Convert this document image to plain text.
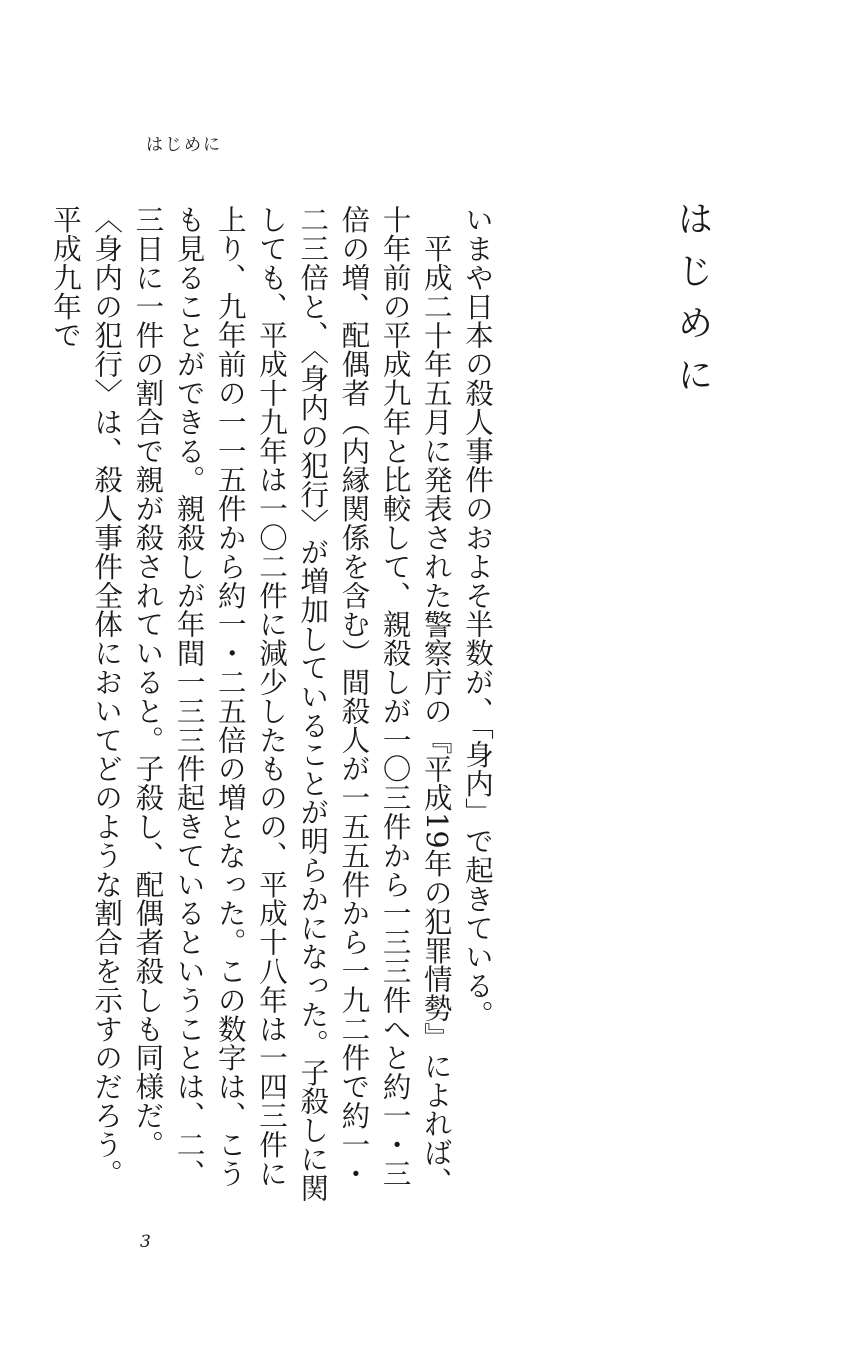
はじめに
はじめに

いまや日本の殺人事件のおよそ半数が、「身内」で起きている。

平成二十年五月に発表された警察庁の『平成19年の犯罪情勢』によれば、十年前の平成九年と比較して、親殺しが一〇三件から一三三件へと約一・三倍の増、配偶者（内縁関係を含む）間殺人が一五五件から一九二件で約一・二三倍と、〈身内の犯行〉が増加していることが明らかになった。子殺しに関しても、平成十九年は一〇二件に減少したものの、平成十八年は一四三件に上り、九年前の一一五件から約一・二五倍の増となった。この数字は、こうも見ることができる。親殺しが年間一三三件起きているということは、二、三日に一件の割合で親が殺されていると。子殺し、配偶者殺しも同様だ。

〈身内の犯行〉は、殺人事件全体においてどのような割合を示すのだろう。平成九年で

3
